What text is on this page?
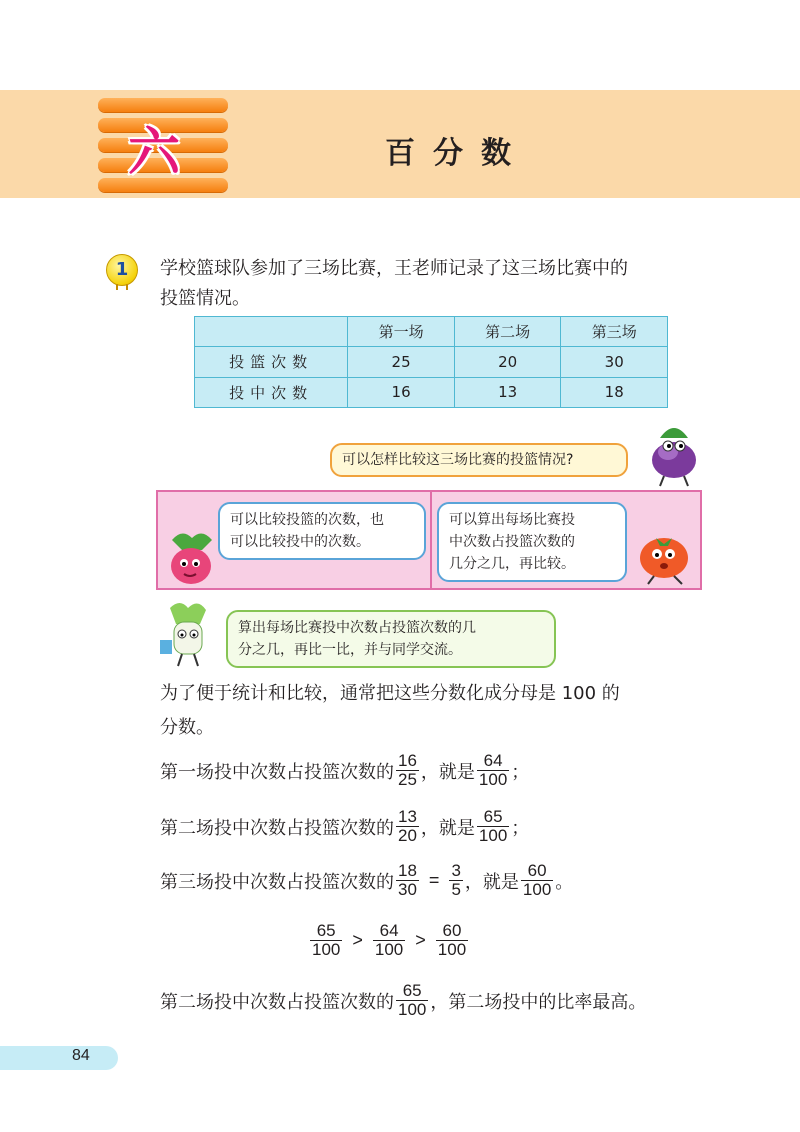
六	百分数
1	学校篮球队参加了三场比赛，王老师记录了这三场比赛中的
投篮情况。
	第一场	第二场	第三场
投篮次数	25	20	30
投中次数	16	13	18
可以怎样比较这三场比赛的投篮情况?
可以比较投篮的次数，也
可以比较投中的次数。
可以算出每场比赛投
中次数占投篮次数的
几分之几，再比较。
算出每场比赛投中次数占投篮次数的几
分之几，再比一比，并与同学交流。
为了便于统计和比较，通常把这些分数化成分母是 100 的
分数。
第一场投中次数占投篮次数的 $\frac{16}{25}$ ，就是 $\frac{64}{100}$ ；
第二场投中次数占投篮次数的 $\frac{13}{20}$ ，就是 $\frac{65}{100}$ ；
第三场投中次数占投篮次数的 $\frac{18}{30} = \frac{3}{5}$ ，就是 $\frac{60}{100}$ 。
$\frac{65}{100} > \frac{64}{100} > \frac{60}{100}$
第二场投中次数占投篮次数的 $\frac{65}{100}$ ，第二场投中的比率最高。
84
